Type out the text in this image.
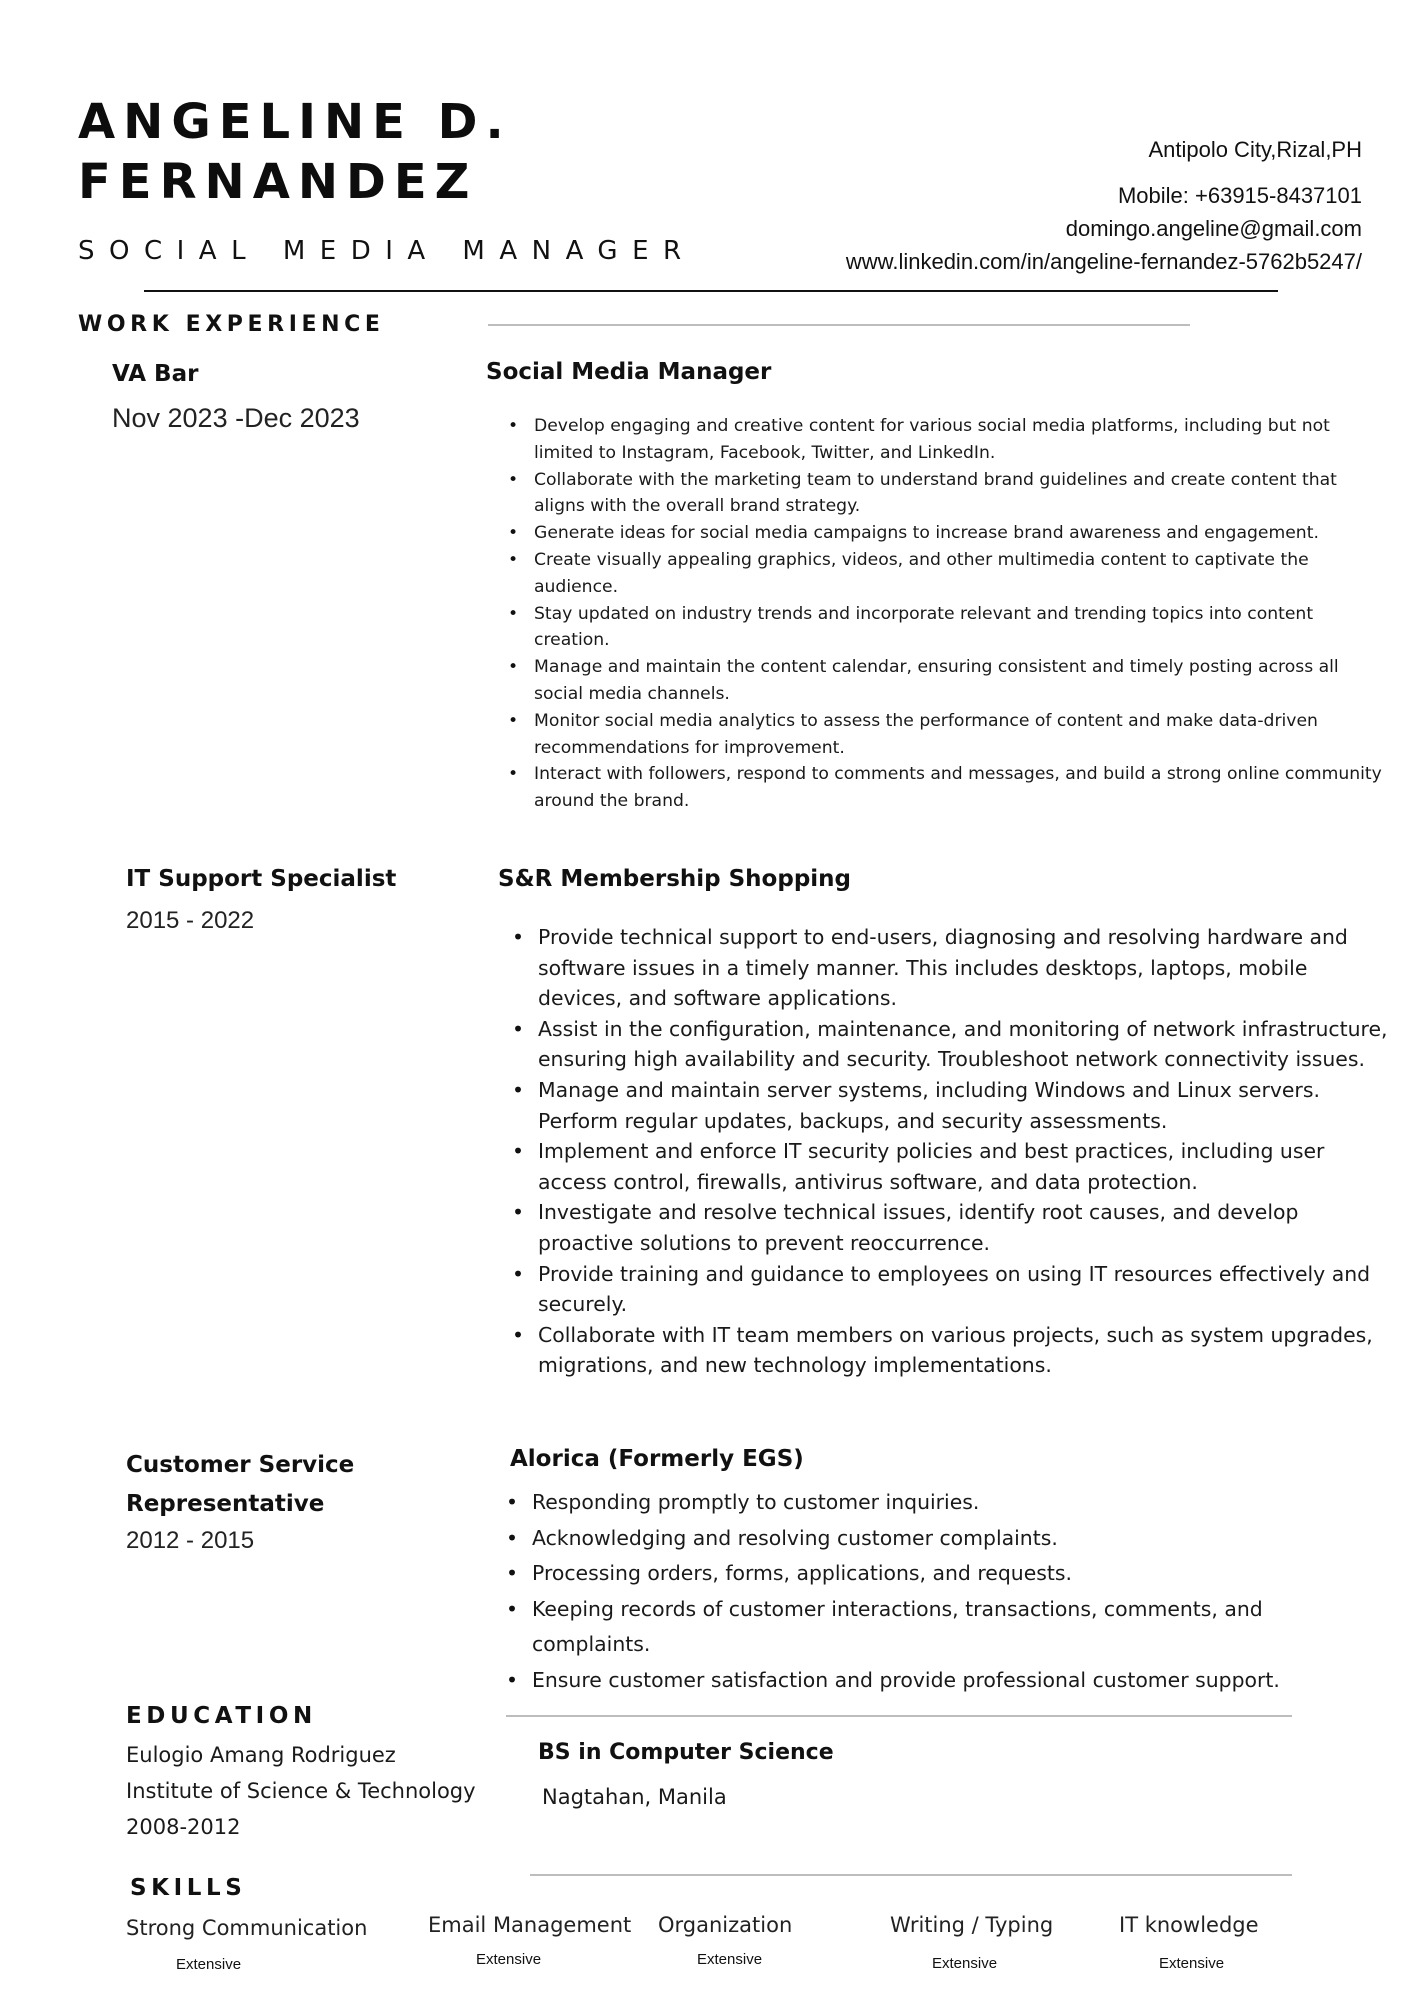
ANGELINE D.
FERNANDEZ
SOCIAL MEDIA MANAGER
Antipolo City,Rizal,PH
Mobile: +63915-8437101
domingo.angeline@gmail.com
www.linkedin.com/in/angeline-fernandez-5762b5247/
WORK EXPERIENCE
VA Bar
Nov 2023 -Dec 2023
Social Media Manager
• Develop engaging and creative content for various social media platforms, including but not limited to Instagram, Facebook, Twitter, and LinkedIn.
• Collaborate with the marketing team to understand brand guidelines and create content that aligns with the overall brand strategy.
• Generate ideas for social media campaigns to increase brand awareness and engagement.
• Create visually appealing graphics, videos, and other multimedia content to captivate the audience.
• Stay updated on industry trends and incorporate relevant and trending topics into content creation.
• Manage and maintain the content calendar, ensuring consistent and timely posting across all social media channels.
• Monitor social media analytics to assess the performance of content and make data-driven recommendations for improvement.
• Interact with followers, respond to comments and messages, and build a strong online community around the brand.
IT Support Specialist
2015 - 2022
S&R Membership Shopping
• Provide technical support to end-users, diagnosing and resolving hardware and software issues in a timely manner. This includes desktops, laptops, mobile devices, and software applications.
• Assist in the configuration, maintenance, and monitoring of network infrastructure, ensuring high availability and security. Troubleshoot network connectivity issues.
• Manage and maintain server systems, including Windows and Linux servers. Perform regular updates, backups, and security assessments.
• Implement and enforce IT security policies and best practices, including user access control, firewalls, antivirus software, and data protection.
• Investigate and resolve technical issues, identify root causes, and develop proactive solutions to prevent reoccurrence.
• Provide training and guidance to employees on using IT resources effectively and securely.
• Collaborate with IT team members on various projects, such as system upgrades, migrations, and new technology implementations.
Customer Service
Representative
2012 - 2015
Alorica (Formerly EGS)
• Responding promptly to customer inquiries.
• Acknowledging and resolving customer complaints.
• Processing orders, forms, applications, and requests.
• Keeping records of customer interactions, transactions, comments, and complaints.
• Ensure customer satisfaction and provide professional customer support.
EDUCATION
Eulogio Amang Rodriguez
Institute of Science & Technology
2008-2012
BS in Computer Science
Nagtahan, Manila
SKILLS
Strong Communication
Extensive
Email Management
Extensive
Organization
Extensive
Writing / Typing
Extensive
IT knowledge
Extensive
